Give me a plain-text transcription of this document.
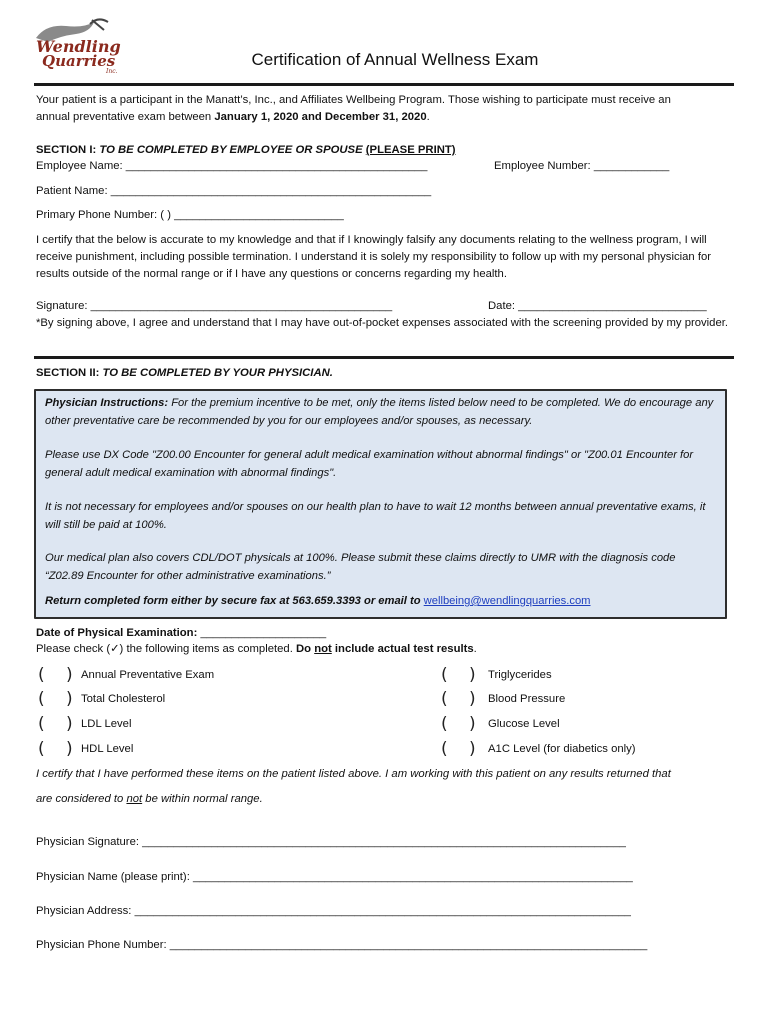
Wendling
Quarries
Inc.
Certification of Annual Wellness Exam
Your patient is a participant in the Manatt’s, Inc., and Affiliates Wellbeing Program. Those wishing to participate must receive an
annual preventative exam between January 1, 2020 and December 31, 2020.
SECTION I: TO BE COMPLETED BY EMPLOYEE OR SPOUSE (PLEASE PRINT)
Employee Name: ________________________________________________	Employee Number: ____________
Patient Name: ___________________________________________________
Primary Phone Number: ( ) ___________________________
I certify that the below is accurate to my knowledge and that if I knowingly falsify any documents relating to the wellness program, I will receive punishment, including possible termination. I understand it is solely my responsibility to follow up with my personal physician for results outside of the normal range or if I have any questions or concerns regarding my health.
Signature: ________________________________________________	Date: ______________________________
*By signing above, I agree and understand that I may have out-of-pocket expenses associated with the screening provided by my provider.
SECTION II: TO BE COMPLETED BY YOUR PHYSICIAN.
Physician Instructions: For the premium incentive to be met, only the items listed below need to be completed. We do encourage any other preventative care be recommended by you for our employees and/or spouses, as necessary.
Please use DX Code "Z00.00 Encounter for general adult medical examination without abnormal findings" or "Z00.01 Encounter for general adult medical examination with abnormal findings".
It is not necessary for employees and/or spouses on our health plan to have to wait 12 months between annual preventative exams, it will still be paid at 100%.
Our medical plan also covers CDL/DOT physicals at 100%. Please submit these claims directly to UMR with the diagnosis code “Z02.89 Encounter for other administrative examinations.”
Return completed form either by secure fax at 563.659.3393 or email to wellbeing@wendlingquarries.com
Date of Physical Examination: ____________________
Please check (✓) the following items as completed. Do not include actual test results.
( ) Annual Preventative Exam
( ) Total Cholesterol
( ) LDL Level
( ) HDL Level
( ) Triglycerides
( ) Blood Pressure
( ) Glucose Level
( ) A1C Level (for diabetics only)
I certify that I have performed these items on the patient listed above. I am working with this patient on any results returned that
are considered to not be within normal range.
Physician Signature: _____________________________________________________________________________
Physician Name (please print): ______________________________________________________________________
Physician Address: _______________________________________________________________________________
Physician Phone Number: ____________________________________________________________________________
